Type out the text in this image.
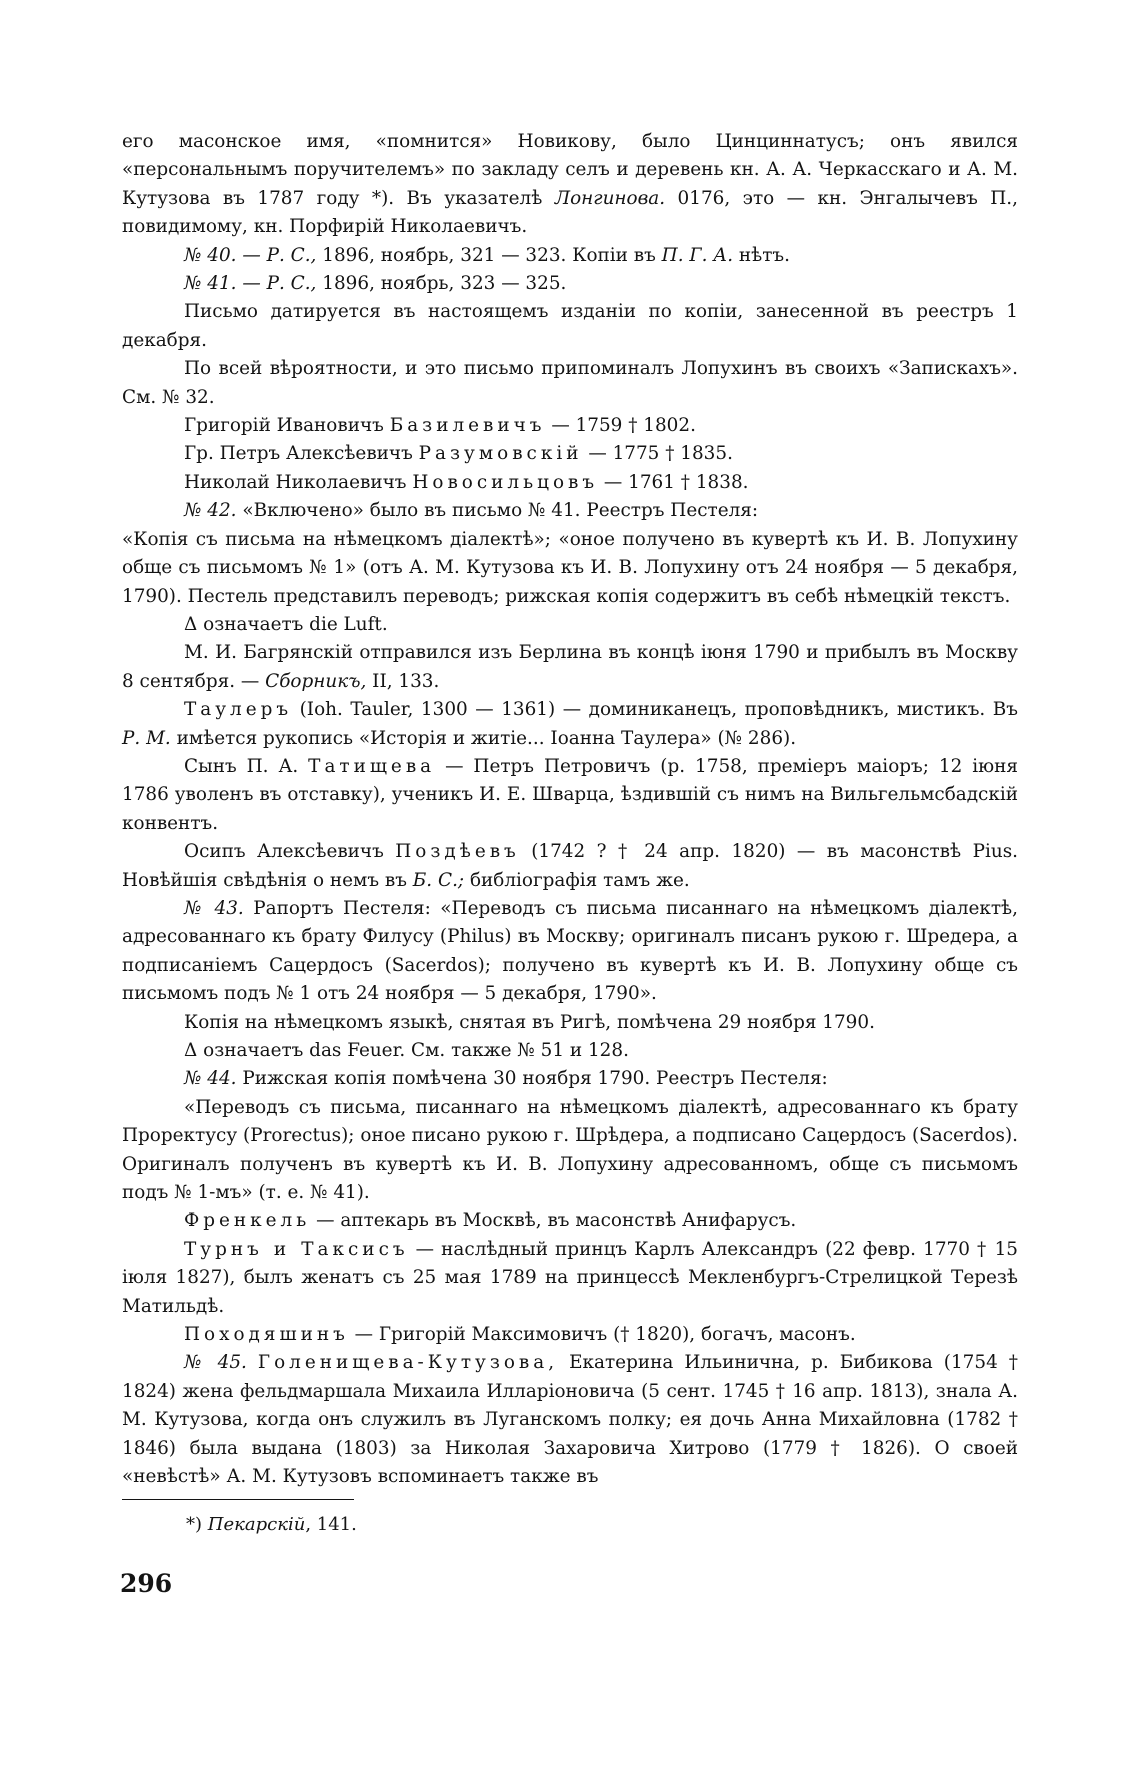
его масонское имя, «помнится» Новикову, было Цинциннатусъ; онъ явился «персональнымъ поручителемъ» по закладу селъ и деревень кн. А. А. Черкасскаго и А. М. Кутузова въ 1787 году *). Въ указателѣ Лонгинова. 0176, это — кн. Энгалычевъ П., повидимому, кн. Порфирій Николаевичъ.

№ 40. — Р. С., 1896, ноябрь, 321 — 323. Копіи въ П. Г. А. нѣтъ.

№ 41. — Р. С., 1896, ноябрь, 323 — 325.

Письмо датируется въ настоящемъ изданіи по копіи, занесенной въ реестръ 1 декабря.

По всей вѣроятности, и это письмо припоминалъ Лопухинъ въ своихъ «Запискахъ». См. № 32.

Григорій Ивановичъ Базилевичъ — 1759 † 1802.

Гр. Петръ Алексѣевичъ Разумовскій — 1775 † 1835.

Николай Николаевичъ Новосильцовъ — 1761 † 1838.

№ 42. «Включено» было въ письмо № 41. Реестръ Пестеля:

«Копія съ письма на нѣмецкомъ діалектѣ»; «оное получено въ кувертѣ къ И. В. Лопухину обще съ письмомъ № 1» (отъ А. М. Кутузова къ И. В. Лопухину отъ 24 ноября — 5 декабря, 1790). Пестель представилъ переводъ; рижская копія содержитъ въ себѣ нѣмецкій текстъ.

Δ означаетъ die Luft.

М. И. Багрянскій отправился изъ Берлина въ концѣ іюня 1790 и прибылъ въ Москву 8 сентября. — Сборникъ, II, 133.

Таулеръ (Ioh. Tauler, 1300 — 1361) — доминиканецъ, проповѣдникъ, мистикъ. Въ Р. М. имѣется рукопись «Исторія и житіе... Іоанна Таулера» (№ 286).

Сынъ П. А. Татищева — Петръ Петровичъ (р. 1758, преміеръ маіоръ; 12 іюня 1786 уволенъ въ отставку), ученикъ И. Е. Шварца, ѣздившій съ нимъ на Вильгельмсбадскій конвентъ.

Осипъ Алексѣевичъ Поздѣевъ (1742 ? † 24 апр. 1820) — въ масонствѣ Pius. Новѣйшія свѣдѣнія о немъ въ Б. С.; библіографія тамъ же.

№ 43. Рапортъ Пестеля: «Переводъ съ письма писаннаго на нѣмецкомъ діалектѣ, адресованнаго къ брату Филусу (Philus) въ Москву; оригиналъ писанъ рукою г. Шредера, а подписаніемъ Сацердосъ (Sacerdos); получено въ кувертѣ къ И. В. Лопухину обще съ письмомъ подъ № 1 отъ 24 ноября — 5 декабря, 1790».

Копія на нѣмецкомъ языкѣ, снятая въ Ригѣ, помѣчена 29 ноября 1790.

Δ означаетъ das Feuer. См. также № 51 и 128.

№ 44. Рижская копія помѣчена 30 ноября 1790. Реестръ Пестеля:

«Переводъ съ письма, писаннаго на нѣмецкомъ діалектѣ, адресованнаго къ брату Проректусу (Prorectus); оное писано рукою г. Шрѣдера, а подписано Сацердосъ (Sacerdos). Оригиналъ полученъ въ кувертѣ къ И. В. Лопухину адресованномъ, обще съ письмомъ подъ № 1-мъ» (т. е. № 41).

Френкель — аптекарь въ Москвѣ, въ масонствѣ Анифарусъ.

Турнъ и Таксисъ — наслѣдный принцъ Карлъ Александръ (22 февр. 1770 † 15 іюля 1827), былъ женатъ съ 25 мая 1789 на принцессѣ Мекленбургъ-Стрелицкой Терезѣ Матильдѣ.

Походяшинъ — Григорій Максимовичъ († 1820), богачъ, масонъ.

№ 45. Голенищева-Кутузова, Екатерина Ильинична, р. Бибикова (1754 † 1824) жена фельдмаршала Михаила Илларіоновича (5 сент. 1745 † 16 апр. 1813), знала А. М. Кутузова, когда онъ служилъ въ Луганскомъ полку; ея дочь Анна Михайловна (1782 † 1846) была выдана (1803) за Николая Захаровича Хитрово (1779 † 1826). О своей «невѣстѣ» А. М. Кутузовъ вспоминаетъ также въ

*) Пекарскій, 141.
296
